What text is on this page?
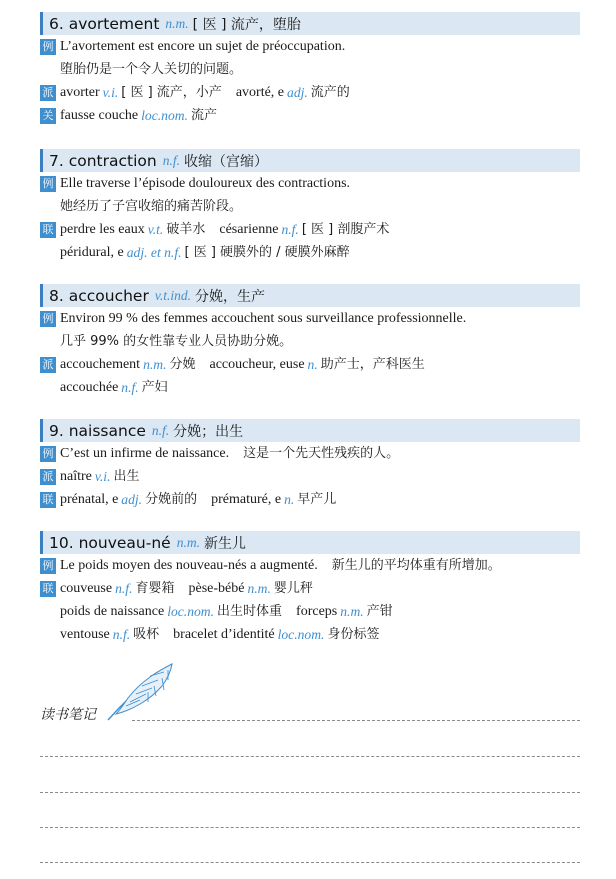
6. avortement n.m. [ 医 ] 流产，堕胎
例 L’avortement est encore un sujet de préoccupation.
堕胎仍是一个令人关切的问题。
派 avorter v.i. [ 医 ] 流产，小产 avorté, e adj. 流产的
关 fausse couche loc.nom. 流产
7. contraction n.f. 收缩（宫缩）
例 Elle traverse l’épisode douloureux des contractions.
她经历了子宫收缩的痛苦阶段。
联 perdre les eaux v.t. 破羊水 césarienne n.f. [ 医 ] 剖腹产术
péridural, e adj. et n.f. [ 医 ] 硬膜外的 / 硬膜外麻醉
8. accoucher v.t.ind. 分娩，生产
例 Environ 99 % des femmes accouchent sous surveillance professionnelle.
几乎 99% 的女性靠专业人员协助分娩。
派 accouchement n.m. 分娩 accoucheur, euse n. 助产士，产科医生
accouchée n.f. 产妇
9. naissance n.f. 分娩；出生
例 C’est un infirme de naissance. 这是一个先天性残疾的人。
派 naître v.i. 出生
联 prénatal, e adj. 分娩前的 prématuré, e n. 早产儿
10. nouveau-né n.m. 新生儿
例 Le poids moyen des nouveau-nés a augmenté. 新生儿的平均体重有所增加。
联 couveuse n.f. 育婴箱 pèse-bébé n.m. 婴儿秤
poids de naissance loc.nom. 出生时体重 forceps n.m. 产钳
ventouse n.f. 吸杯 bracelet d’identité loc.nom. 身份标签
读书笔记
